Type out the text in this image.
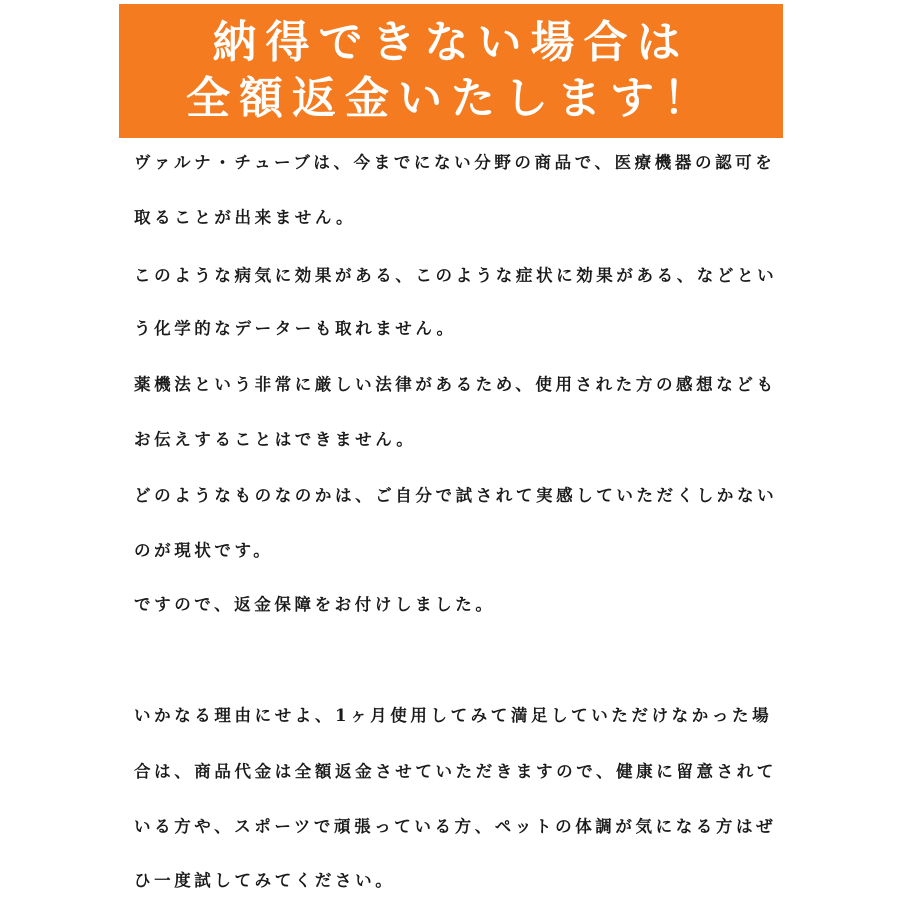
納得できない場合は
全額返金いたします！
ヴァルナ・チューブは、今までにない分野の商品で、医療機器の認可を
取ることが出来ません。
このような病気に効果がある、このような症状に効果がある、などとい
う化学的なデーターも取れません。
薬機法という非常に厳しい法律があるため、使用された方の感想なども
お伝えすることはできません。
どのようなものなのかは、ご自分で試されて実感していただくしかない
のが現状です。
ですので、返金保障をお付けしました。
いかなる理由にせよ、1ヶ月使用してみて満足していただけなかった場
合は、商品代金は全額返金させていただきますので、健康に留意されて
いる方や、スポーツで頑張っている方、ペットの体調が気になる方はぜ
ひ一度試してみてください。
